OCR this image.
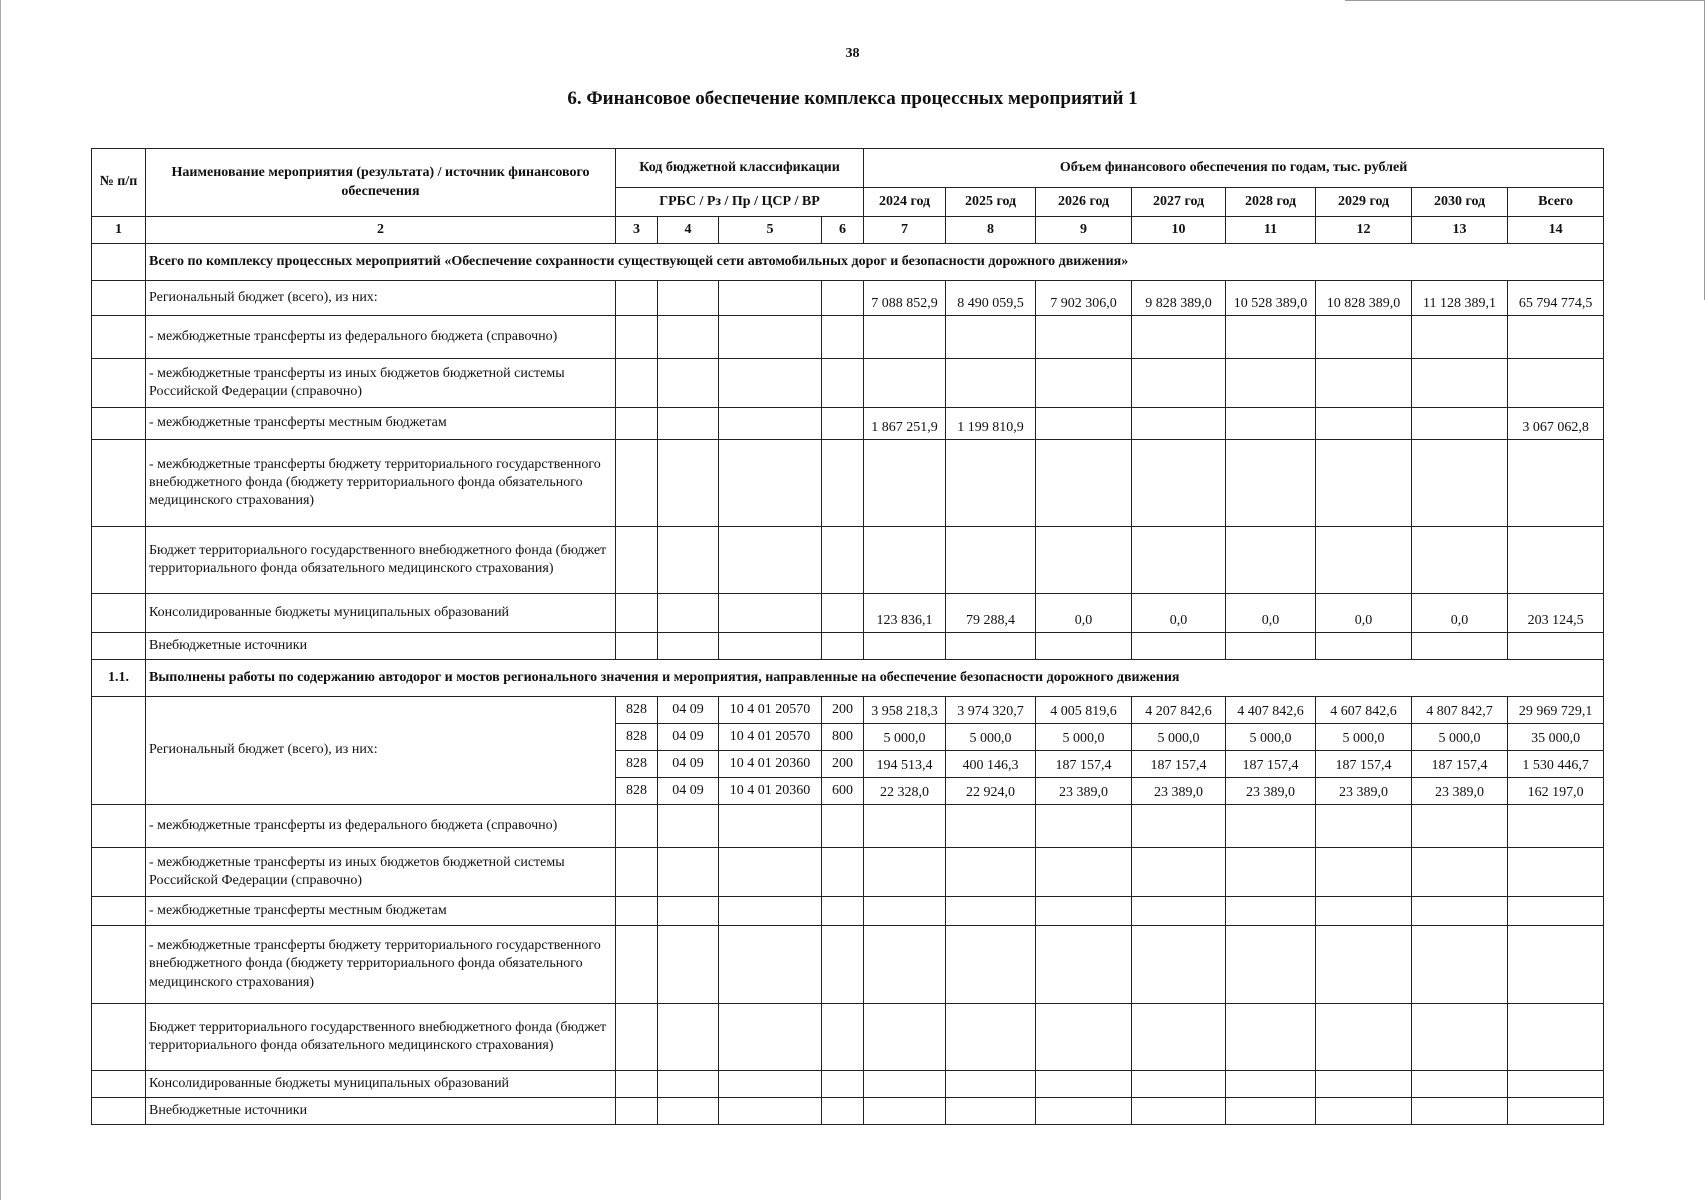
38
6. Финансовое обеспечение комплекса процессных мероприятий 1
№ п/п	Наименование мероприятия (результата) / источник финансового обеспечения	Код бюджетной классификации				Объем финансового обеспечения по годам, тыс. рублей							
		ГРБС / Рз / Пр / ЦСР / ВР				2024 год	2025 год	2026 год	2027 год	2028 год	2029 год	2030 год	Всего
1	2	3	4	5	6	7	8	9	10	11	12	13	14
	Всего по комплексу процессных мероприятий «Обеспечение сохранности существующей сети автомобильных дорог и безопасности дорожного движения»												
	Региональный бюджет (всего), из них:					7 088 852,9	8 490 059,5	7 902 306,0	9 828 389,0	10 528 389,0	10 828 389,0	11 128 389,1	65 794 774,5
	- межбюджетные трансферты из федерального бюджета (справочно)												
	- межбюджетные трансферты из иных бюджетов бюджетной системы Российской Федерации (справочно)												
	- межбюджетные трансферты местным бюджетам					1 867 251,9	1 199 810,9						3 067 062,8
	- межбюджетные трансферты бюджету территориального государственного внебюджетного фонда (бюджету территориального фонда обязательного медицинского страхования)												
	Бюджет территориального государственного внебюджетного фонда (бюджет территориального фонда обязательного медицинского страхования)												
	Консолидированные бюджеты муниципальных образований					123 836,1	79 288,4	0,0	0,0	0,0	0,0	0,0	203 124,5
	Внебюджетные источники												
1.1.	Выполнены работы по содержанию автодорог и мостов регионального значения и мероприятия, направленные на обеспечение безопасности дорожного движения												
	Региональный бюджет (всего), из них:	828	04 09	10 4 01 20570	200	3 958 218,3	3 974 320,7	4 005 819,6	4 207 842,6	4 407 842,6	4 607 842,6	4 807 842,7	29 969 729,1
		828	04 09	10 4 01 20570	800	5 000,0	5 000,0	5 000,0	5 000,0	5 000,0	5 000,0	5 000,0	35 000,0
		828	04 09	10 4 01 20360	200	194 513,4	400 146,3	187 157,4	187 157,4	187 157,4	187 157,4	187 157,4	1 530 446,7
		828	04 09	10 4 01 20360	600	22 328,0	22 924,0	23 389,0	23 389,0	23 389,0	23 389,0	23 389,0	162 197,0
	- межбюджетные трансферты из федерального бюджета (справочно)												
	- межбюджетные трансферты из иных бюджетов бюджетной системы Российской Федерации (справочно)												
	- межбюджетные трансферты местным бюджетам												
	- межбюджетные трансферты бюджету территориального государственного внебюджетного фонда (бюджету территориального фонда обязательного медицинского страхования)												
	Бюджет территориального государственного внебюджетного фонда (бюджет территориального фонда обязательного медицинского страхования)												
	Консолидированные бюджеты муниципальных образований												
	Внебюджетные источники												
